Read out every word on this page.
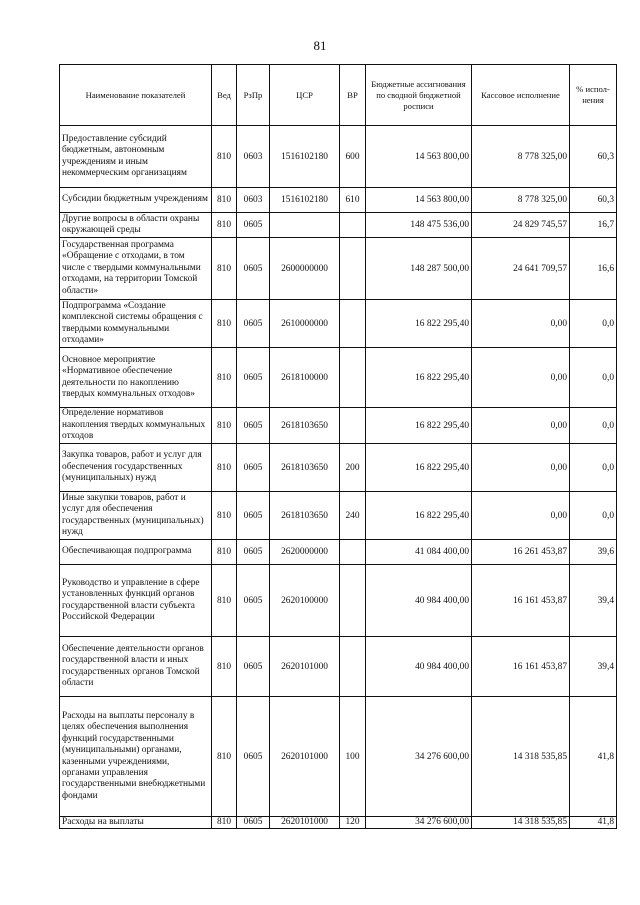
81
Наименование показателей	Вед	РзПр	ЦСР	ВР	Бюджетные ассигнования по сводной бюджетной росписи	Кассовое исполнение	% испол-нения
Предоставление субсидий бюджетным, автономным учреждениям и иным некоммерческим организациям	810	0603	1516102180	600	14 563 800,00	8 778 325,00	60,3
Субсидии бюджетным учреждениям	810	0603	1516102180	610	14 563 800,00	8 778 325,00	60,3
Другие вопросы в области охраны окружающей среды	810	0605			148 475 536,00	24 829 745,57	16,7
Государственная программа «Обращение с отходами, в том числе с твердыми коммунальными отходами, на территории Томской области»	810	0605	2600000000		148 287 500,00	24 641 709,57	16,6
Подпрограмма «Создание комплексной системы обращения с твердыми коммунальными отходами»	810	0605	2610000000		16 822 295,40	0,00	0,0
Основное мероприятие «Нормативное обеспечение деятельности по накоплению твердых коммунальных отходов»	810	0605	2618100000		16 822 295,40	0,00	0,0
Определение нормативов накопления твердых коммунальных отходов	810	0605	2618103650		16 822 295,40	0,00	0,0
Закупка товаров, работ и услуг для обеспечения государственных (муниципальных) нужд	810	0605	2618103650	200	16 822 295,40	0,00	0,0
Иные закупки товаров, работ и услуг для обеспечения государственных (муниципальных) нужд	810	0605	2618103650	240	16 822 295,40	0,00	0,0
Обеспечивающая подпрограмма	810	0605	2620000000		41 084 400,00	16 261 453,87	39,6
Руководство и управление в сфере установленных функций органов государственной власти субъекта Российской Федерации	810	0605	2620100000		40 984 400,00	16 161 453,87	39,4
Обеспечение деятельности органов государственной власти и иных государственных органов Томской области	810	0605	2620101000		40 984 400,00	16 161 453,87	39,4
Расходы на выплаты персоналу в целях обеспечения выполнения функций государственными (муниципальными) органами, казенными учреждениями, органами управления государственными внебюджетными фондами	810	0605	2620101000	100	34 276 600,00	14 318 535,85	41,8
Расходы на выплаты	810	0605	2620101000	120	34 276 600,00	14 318 535,85	41,8
